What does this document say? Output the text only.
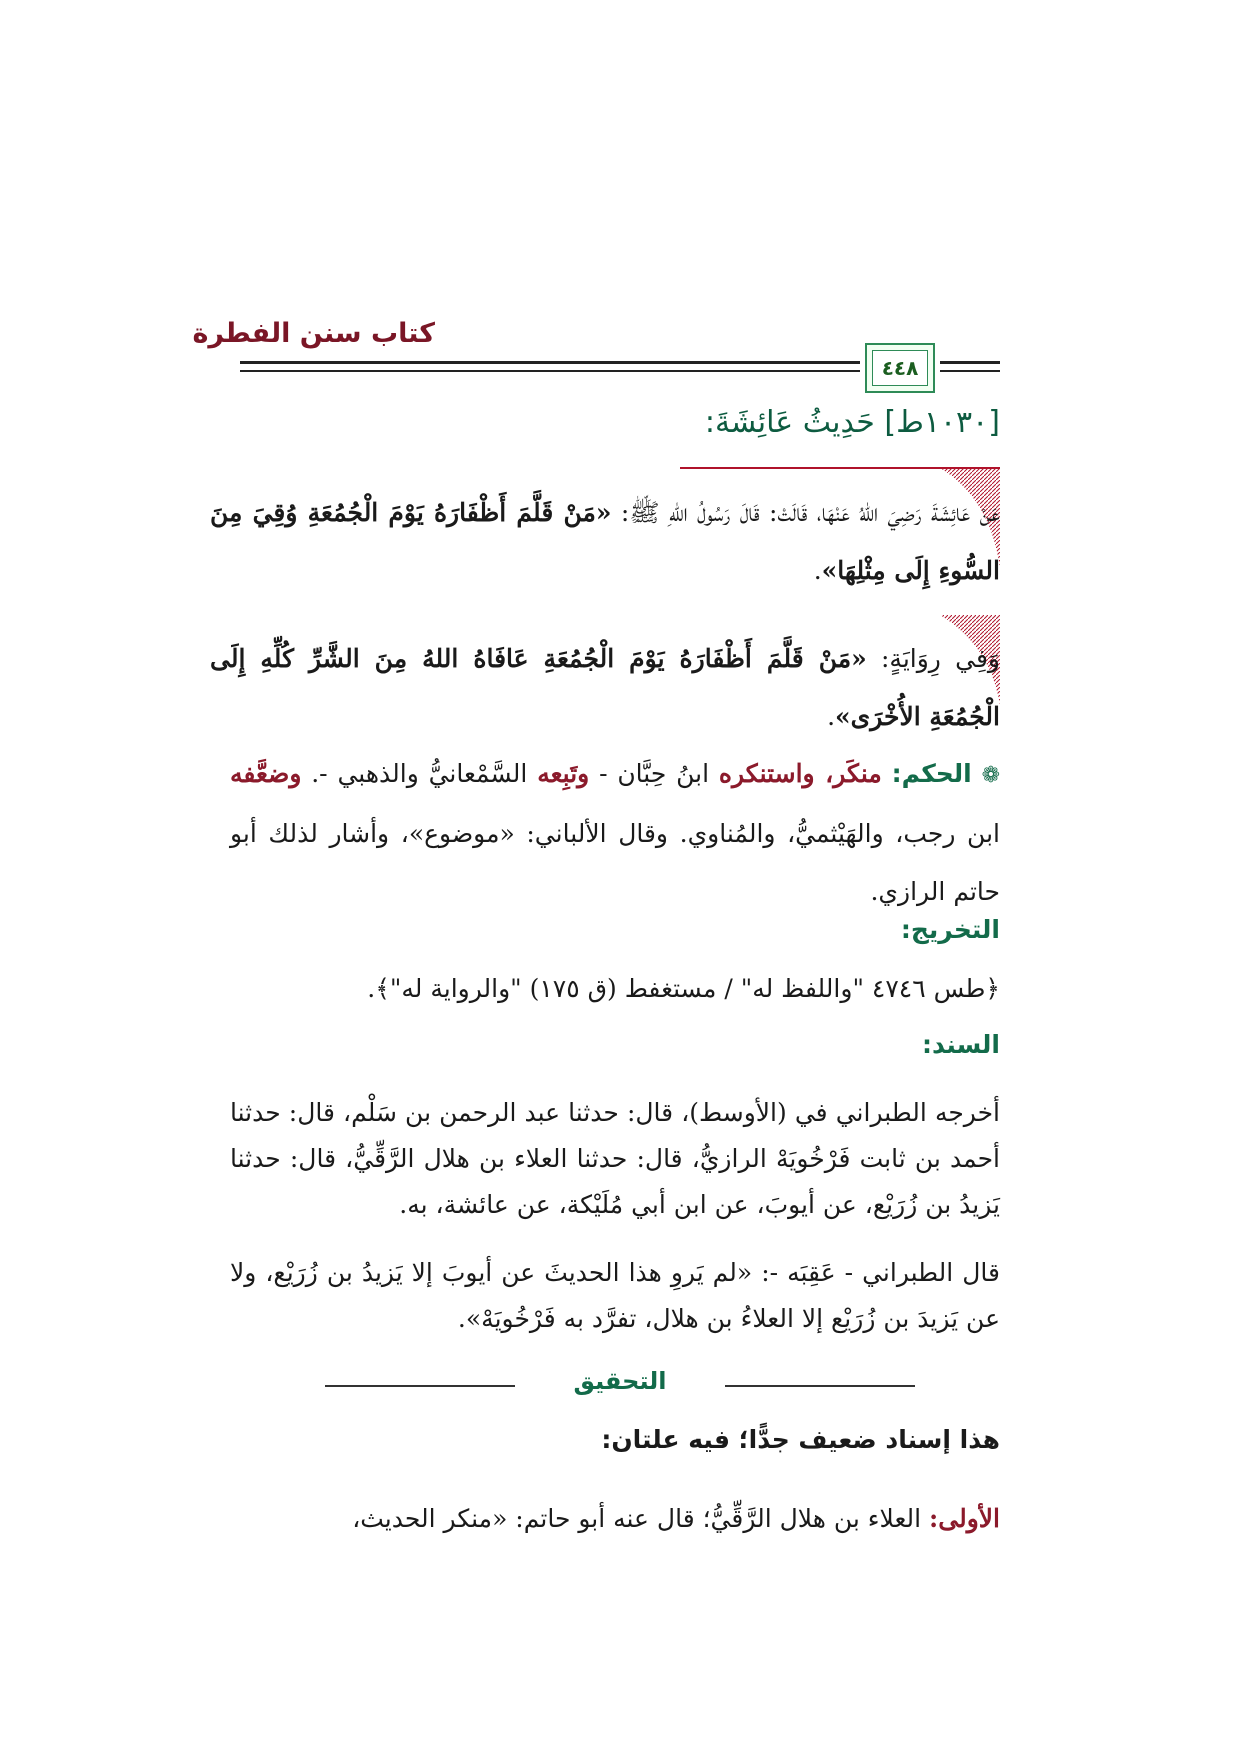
كتاب سنن الفطرة
٤٤٨
[١٠٣٠ط] حَدِيثُ عَائِشَةَ:
عَنْ عَائِشَةَ رَضِيَ اللهُ عَنْهَا، قَالَتْ: قَالَ رَسُولُ اللهِ ﷺ: «مَنْ قَلَّمَ أَظْفَارَهُ يَوْمَ الْجُمُعَةِ وُقِيَ مِنَ السُّوءِ إِلَى مِثْلِهَا».
وَفِي رِوَايَةٍ: «مَنْ قَلَّمَ أَظْفَارَهُ يَوْمَ الْجُمُعَةِ عَافَاهُ اللهُ مِنَ الشَّرِّ كُلِّهِ إِلَى الْجُمُعَةِ الأُخْرَى».
❁ الحكم: منكَر، واستنكره ابنُ حِبَّان - وتَبِعه السَّمْعانيُّ والذهبي -. وضعَّفه ابن رجب، والهَيْثميُّ، والمُناوي. وقال الألباني: «موضوع»، وأشار لذلك أبو حاتم الرازي.
التخريج:
﴿طس ٤٧٤٦ "واللفظ له" / مستغفط (ق ١٧٥) "والرواية له"﴾.
السند:
أخرجه الطبراني في (الأوسط)، قال: حدثنا عبد الرحمن بن سَلْم، قال: حدثنا أحمد بن ثابت فَرْخُويَهْ الرازيُّ، قال: حدثنا العلاء بن هلال الرَّقِّيُّ، قال: حدثنا يَزيدُ بن زُرَيْع، عن أيوبَ، عن ابن أبي مُلَيْكة، عن عائشة، به.
قال الطبراني - عَقِبَه -: «لم يَروِ هذا الحديثَ عن أيوبَ إلا يَزيدُ بن زُرَيْع، ولا عن يَزيدَ بن زُرَيْع إلا العلاءُ بن هلال، تفرَّد به فَرْخُويَهْ».
التحقيق
هذا إسناد ضعيف جدًّا؛ فيه علتان:
الأولى: العلاء بن هلال الرَّقِّيُّ؛ قال عنه أبو حاتم: «منكر الحديث،
